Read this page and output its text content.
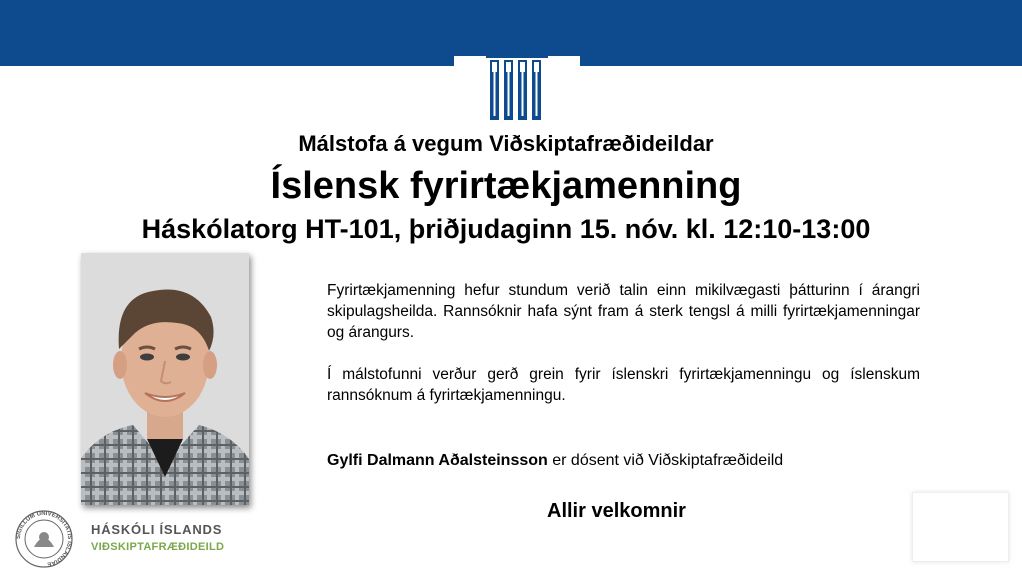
Málstofa á vegum Viðskiptafræðideildar
Íslensk fyrirtækjamenning
Háskólatorg HT-101, þriðjudaginn 15. nóv. kl. 12:10-13:00

Fyrirtækjamenning hefur stundum verið talin einn mikilvægasti þátturinn í árangri skipulagsheilda. Rannsóknir hafa sýnt fram á sterk tengsl á milli fyrirtækjamenningar og árangurs.

Í málstofunni verður gerð grein fyrir íslenskri fyrirtækjamenningu og íslenskum rannsóknum á fyrirtækjamenningu.

Gylfi Dalmann Aðalsteinsson er dósent við Viðskiptafræðideild
Allir velkomnir
SIGILLUM UNIVERSITATIS ISLANDIAE
HÁSKÓLI ÍSLANDS
VIÐSKIPTAFRÆÐIDEILD
